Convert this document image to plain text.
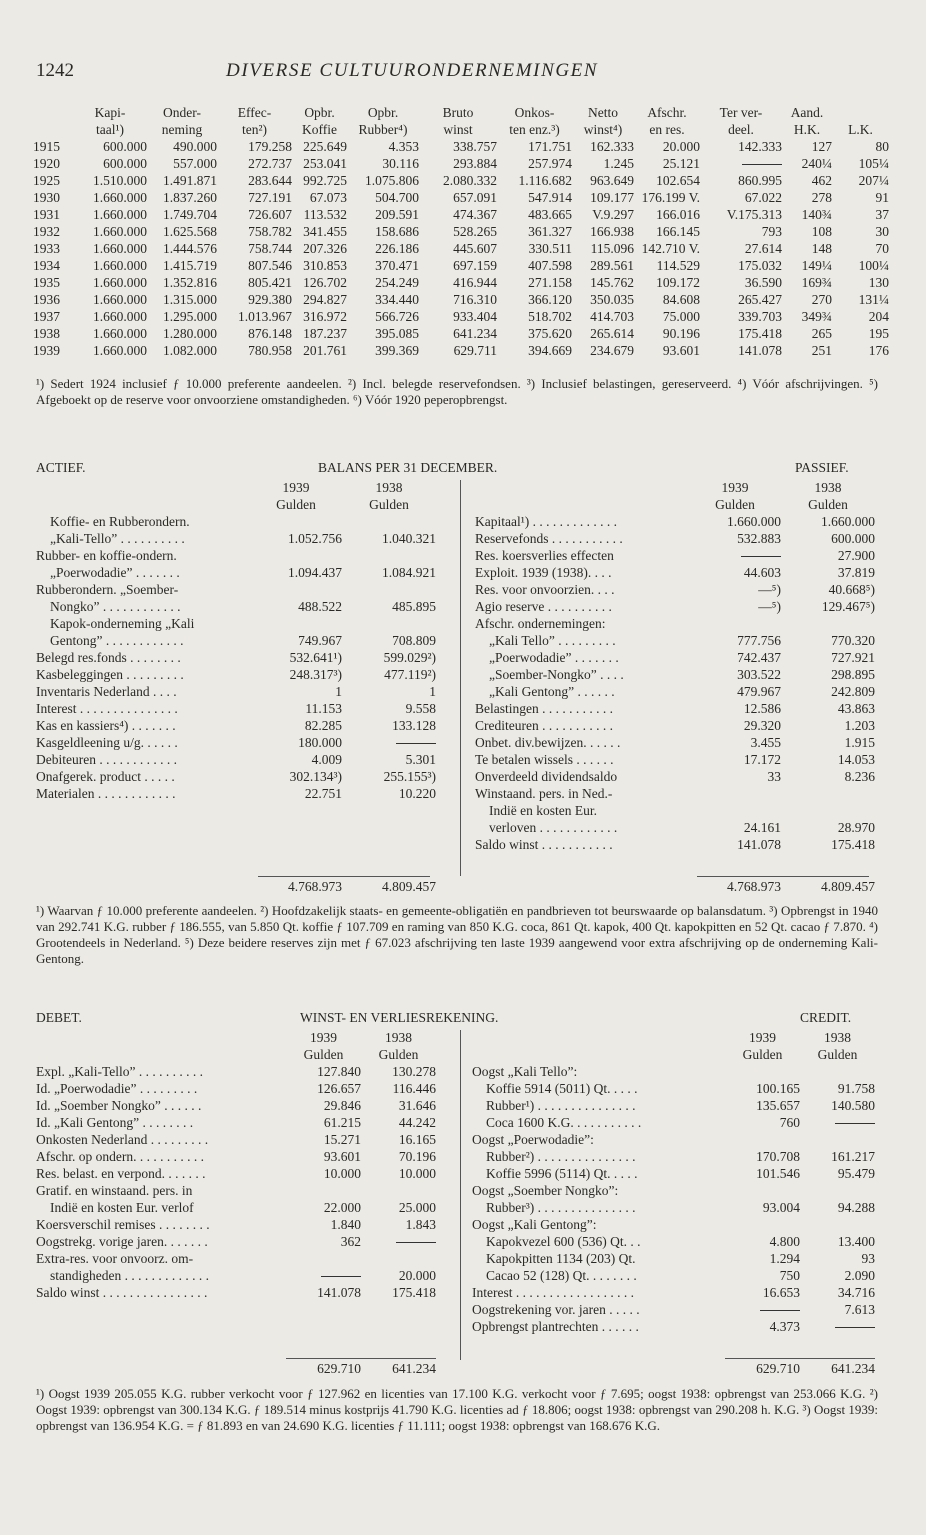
1242	DIVERSE CULTUURONDERNEMINGEN
	Kapi-	Onder-	Effec-	Opbr.	Opbr.	Bruto	Onkos-	Netto	Afschr.	Ter ver-	Aand.	
	taal¹)	neming	ten²)	Koffie	Rubber⁴)	winst	ten enz.³)	winst⁴)	en res.	deel.	H.K.	L.K.
1915	600.000	490.000	179.258	225.649	4.353	338.757	171.751	162.333	20.000	142.333	127	80
1920	600.000	557.000	272.737	253.041	30.116	293.884	257.974	1.245	25.121		240¼	105¼
1925	1.510.000	1.491.871	283.644	992.725	1.075.806	2.080.332	1.116.682	963.649	102.654	860.995	462	207¼
1930	1.660.000	1.837.260	727.191	67.073	504.700	657.091	547.914	109.177	176.199 V.	67.022	278	91
1931	1.660.000	1.749.704	726.607	113.532	209.591	474.367	483.665	V.9.297	166.016	V.175.313	140¾	37
1932	1.660.000	1.625.568	758.782	341.455	158.686	528.265	361.327	166.938	166.145	793	108	30
1933	1.660.000	1.444.576	758.744	207.326	226.186	445.607	330.511	115.096	142.710 V.	27.614	148	70
1934	1.660.000	1.415.719	807.546	310.853	370.471	697.159	407.598	289.561	114.529	175.032	149¼	100¼
1935	1.660.000	1.352.816	805.421	126.702	254.249	416.944	271.158	145.762	109.172	36.590	169¾	130
1936	1.660.000	1.315.000	929.380	294.827	334.440	716.310	366.120	350.035	84.608	265.427	270	131¼
1937	1.660.000	1.295.000	1.013.967	316.972	566.726	933.404	518.702	414.703	75.000	339.703	349¾	204
1938	1.660.000	1.280.000	876.148	187.237	395.085	641.234	375.620	265.614	90.196	175.418	265	195
1939	1.660.000	1.082.000	780.958	201.761	399.369	629.711	394.669	234.679	93.601	141.078	251	176
¹) Sedert 1924 inclusief ƒ 10.000 preferente aandeelen. ²) Incl. belegde reservefondsen. ³) Inclusief belastingen, gereserveerd. ⁴) Vóór afschrijvingen. ⁵) Afgeboekt op de reserve voor onvoorziene omstandigheden. ⁶) Vóór 1920 peperopbrengst.
ACTIEF.	BALANS PER 31 DECEMBER.	PASSIEF.
	1939	1938
	Gulden	Gulden
	1939	1938
	Gulden	Gulden
Koffie- en Rubberondern.		
„Kali-Tello” . . . . . . . . . .	1.052.756	1.040.321
Rubber- en koffie-ondern.		
„Poerwodadie” . . . . . . .	1.094.437	1.084.921
Rubberondern. „Soember-		
Nongko” . . . . . . . . . . . .	488.522	485.895
Kapok-onderneming „Kali		
Gentong” . . . . . . . . . . . .	749.967	708.809
Belegd res.fonds . . . . . . . .	532.641¹)	599.029²)
Kasbeleggingen . . . . . . . . .	248.317³)	477.119²)
Inventaris Nederland . . . .	1	1
Interest . . . . . . . . . . . . . . .	11.153	9.558
Kas en kassiers⁴) . . . . . . .	82.285	133.128
Kasgeldleening u/g. . . . . .	180.000	
Debiteuren . . . . . . . . . . . .	4.009	5.301
Onafgerek. product . . . . .	302.134³)	255.155³)
Materialen . . . . . . . . . . . .	22.751	10.220
Kapitaal¹) . . . . . . . . . . . . .	1.660.000	1.660.000
Reservefonds . . . . . . . . . . .	532.883	600.000
Res. koersverlies effecten		27.900
Exploit. 1939 (1938). . . .	44.603	37.819
Res. voor onvoorzien. . . .	—⁵)	40.668⁵)
Agio reserve . . . . . . . . . .	—⁵)	129.467⁵)
Afschr. ondernemingen:		
„Kali Tello” . . . . . . . . .	777.756	770.320
„Poerwodadie” . . . . . . .	742.437	727.921
„Soember-Nongko” . . . .	303.522	298.895
„Kali Gentong” . . . . . .	479.967	242.809
Belastingen . . . . . . . . . . .	12.586	43.863
Crediteuren . . . . . . . . . . .	29.320	1.203
Onbet. div.bewijzen. . . . . .	3.455	1.915
Te betalen wissels . . . . . .	17.172	14.053
Onverdeeld dividendsaldo	33	8.236
Winstaand. pers. in Ned.-		
Indië en kosten Eur.		
verloven . . . . . . . . . . . .	24.161	28.970
Saldo winst . . . . . . . . . . .	141.078	175.418
	4.768.973	4.809.457
		4.768.973	4.809.457
¹) Waarvan ƒ 10.000 preferente aandeelen. ²) Hoofdzakelijk staats- en gemeente-obligatiën en pandbrieven tot beurswaarde op balansdatum. ³) Opbrengst in 1940 van 292.741 K.G. rubber ƒ 186.555, van 5.850 Qt. koffie ƒ 107.709 en raming van 850 K.G. coca, 861 Qt. kapok, 400 Qt. kapokpitten en 52 Qt. cacao ƒ 7.870. ⁴) Grootendeels in Nederland. ⁵) Deze beidere reserves zijn met ƒ 67.023 afschrijving ten laste 1939 aangewend voor extra afschrijving op de onderneming Kali-Gentong.
DEBET.	WINST- EN VERLIESREKENING.	CREDIT.
	1939	1938
	Gulden	Gulden
	1939	1938
	Gulden	Gulden
Expl. „Kali-Tello” . . . . . . . . . .	127.840	130.278
Id. „Poerwodadie” . . . . . . . . .	126.657	116.446
Id. „Soember Nongko” . . . . . .	29.846	31.646
Id. „Kali Gentong” . . . . . . . .	61.215	44.242
Onkosten Nederland . . . . . . . . .	15.271	16.165
Afschr. op ondern. . . . . . . . . . .	93.601	70.196
Res. belast. en verpond. . . . . . .	10.000	10.000
Gratif. en winstaand. pers. in		
Indië en kosten Eur. verlof	22.000	25.000
Koersverschil remises . . . . . . . .	1.840	1.843
Oogstrekg. vorige jaren. . . . . . .	362	
Extra-res. voor onvoorz. om-		
standigheden . . . . . . . . . . . . .		20.000
Saldo winst . . . . . . . . . . . . . . . .	141.078	175.418
Oogst „Kali Tello”:		
Koffie 5914 (5011) Qt. . . . .	100.165	91.758
Rubber¹) . . . . . . . . . . . . . . .	135.657	140.580
Coca 1600 K.G. . . . . . . . . . .	760	
Oogst „Poerwodadie”:		
Rubber²) . . . . . . . . . . . . . . .	170.708	161.217
Koffie 5996 (5114) Qt. . . . .	101.546	95.479
Oogst „Soember Nongko”:		
Rubber³) . . . . . . . . . . . . . . .	93.004	94.288
Oogst „Kali Gentong”:		
Kapokvezel 600 (536) Qt. . .	4.800	13.400
Kapokpitten 1134 (203) Qt.	1.294	93
Cacao 52 (128) Qt. . . . . . . .	750	2.090
Interest . . . . . . . . . . . . . . . . . .	16.653	34.716
Oogstrekening vor. jaren . . . . .		7.613
Opbrengst plantrechten . . . . . .	4.373	
	629.710	641.234
		629.710	641.234
¹) Oogst 1939 205.055 K.G. rubber verkocht voor ƒ 127.962 en licenties van 17.100 K.G. verkocht voor ƒ 7.695; oogst 1938: opbrengst van 253.066 K.G. ²) Oogst 1939: opbrengst van 300.134 K.G. ƒ 189.514 minus kostprijs 41.790 K.G. licenties ad ƒ 18.806; oogst 1938: opbrengst van 290.208 h. K.G. ³) Oogst 1939: opbrengst van 136.954 K.G. = ƒ 81.893 en van 24.690 K.G. licenties ƒ 11.111; oogst 1938: opbrengst van 168.676 K.G.
